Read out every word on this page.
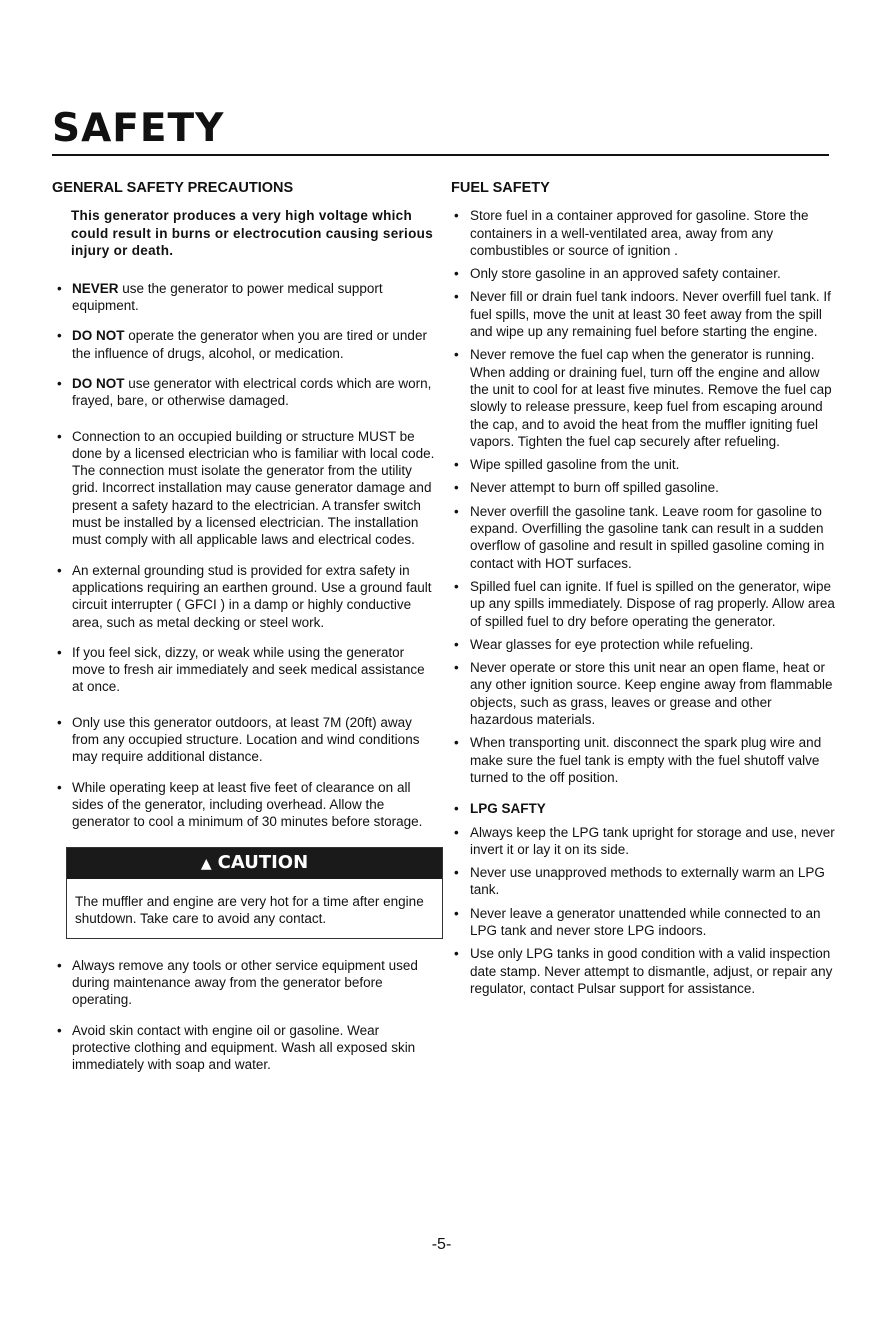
SAFETY
GENERAL SAFETY PRECAUTIONS
This generator produces a very high voltage which could result in burns or electrocution causing serious injury or death.
• NEVER use the generator to power medical support equipment.
• DO NOT operate the generator when you are tired or under the influence of drugs, alcohol, or medication.
• DO NOT use generator with electrical cords which are worn, frayed, bare, or otherwise damaged.
• Connection to an occupied building or structure MUST be done by a licensed electrician who is familiar with local code. The connection must isolate the generator from the utility grid. Incorrect installation may cause generator damage and present a safety hazard to the electrician. A transfer switch must be installed by a licensed electrician. The installation must comply with all applicable laws and electrical codes.
• An external grounding stud is provided for extra safety in applications requiring an earthen ground. Use a ground fault circuit interrupter ( GFCI ) in a damp or highly conductive area, such as metal decking or steel work.
• If you feel sick, dizzy, or weak while using the generator move to fresh air immediately and seek medical assistance at once.
• Only use this generator outdoors, at least 7M (20ft) away from any occupied structure. Location and wind conditions may require additional distance.
• While operating keep at least five feet of clearance on all sides of the generator, including overhead. Allow the generator to cool a minimum of 30 minutes before storage.
▲ CAUTION
The muffler and engine are very hot for a time after engine shutdown. Take care to avoid any contact.
• Always remove any tools or other service equipment used during maintenance away from the generator before operating.
• Avoid skin contact with engine oil or gasoline. Wear protective clothing and equipment. Wash all exposed skin immediately with soap and water.
FUEL SAFETY
• Store fuel in a container approved for gasoline. Store the containers in a well-ventilated area, away from any combustibles or source of ignition .
• Only store gasoline in an approved safety container.
• Never fill or drain fuel tank indoors. Never overfill fuel tank. If fuel spills, move the unit at least 30 feet away from the spill and wipe up any remaining fuel before starting the engine.
• Never remove the fuel cap when the generator is running. When adding or draining fuel, turn off the engine and allow the unit to cool for at least five minutes. Remove the fuel cap slowly to release pressure, keep fuel from escaping around the cap, and to avoid the heat from the muffler igniting fuel vapors. Tighten the fuel cap securely after refueling.
• Wipe spilled gasoline from the unit.
• Never attempt to burn off spilled gasoline.
• Never overfill the gasoline tank. Leave room for gasoline to expand. Overfilling the gasoline tank can result in a sudden overflow of gasoline and result in spilled gasoline coming in contact with HOT surfaces.
• Spilled fuel can ignite. If fuel is spilled on the generator, wipe up any spills immediately. Dispose of rag properly. Allow area of spilled fuel to dry before operating the generator.
• Wear glasses for eye protection while refueling.
• Never operate or store this unit near an open flame, heat or any other ignition source. Keep engine away from flammable objects, such as grass, leaves or grease and other hazardous materials.
• When transporting unit. disconnect the spark plug wire and make sure the fuel tank is empty with the fuel shutoff valve turned to the off position.
• LPG SAFTY
• Always keep the LPG tank upright for storage and use, never invert it or lay it on its side.
• Never use unapproved methods to externally warm an LPG tank.
• Never leave a generator unattended while connected to an LPG tank and never store LPG indoors.
• Use only LPG tanks in good condition with a valid inspection date stamp. Never attempt to dismantle, adjust, or repair any regulator, contact Pulsar support for assistance.
-5-
